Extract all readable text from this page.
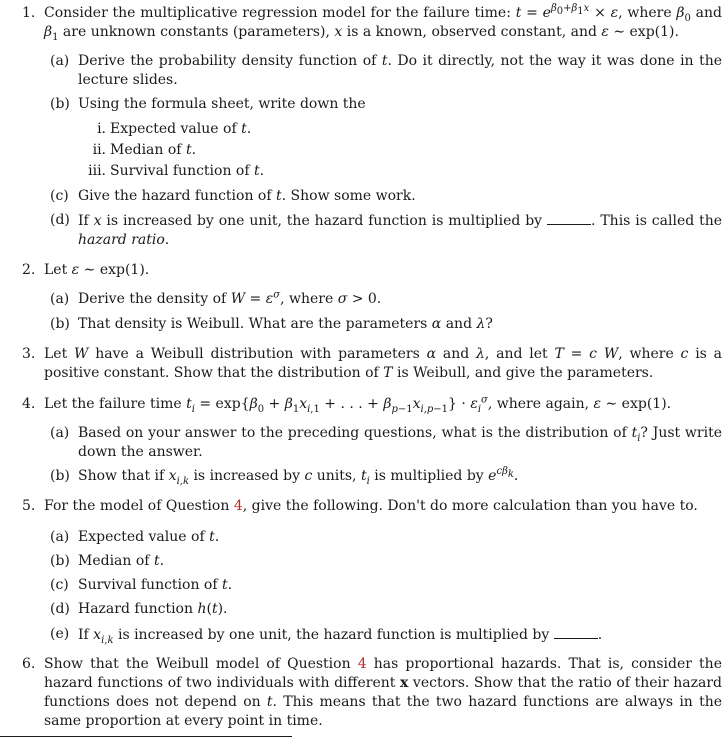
1. Consider the multiplicative regression model for the failure time: $t = e^{\beta_0+\beta_1x} \times \varepsilon$, where $\beta_0$ and $\beta_1$ are unknown constants (parameters), x is a known, observed constant, and ε ∼ exp(1).
(a) Derive the probability density function of t. Do it directly, not the way it was done in the lecture slides.
(b) Using the formula sheet, write down the
i. Expected value of t.
ii. Median of t.
iii. Survival function of t.
(c) Give the hazard function of t. Show some work.
(d) If x is increased by one unit, the hazard function is multiplied by	. This is called the hazard ratio.
2. Let ε ∼ exp(1).
(a) Derive the density of $W = \varepsilon^\sigma$, where σ > 0.
(b) That density is Weibull. What are the parameters α and λ?
3. Let W have a Weibull distribution with parameters α and λ, and let T = c W, where c is a positive constant. Show that the distribution of T is Weibull, and give the parameters.
4. Let the failure time $t_i = \exp\{\beta_0 + \beta_1x_{i,1}$ + . . . + $\beta_{p-1}x_{i,p-1}\} \cdot \varepsilon_i^\sigma$, where again, ε ∼ exp(1).
(a) Based on your answer to the preceding questions, what is the distribution of $t_i$? Just write down the answer.
(b) Show that if $x_{i,k}$ is increased by c units, $t_i$ is multiplied by $e^{c\beta_k}$.
5. For the model of Question 4, give the following. Don't do more calculation than you have to.
(a) Expected value of t.
(b) Median of t.
(c) Survival function of t.
(d) Hazard function h(t).
(e) If $x_{i,k}$ is increased by one unit, the hazard function is multiplied by	.
6. Show that the Weibull model of Question 4 has proportional hazards. That is, consider the hazard functions of two individuals with different x vectors. Show that the ratio of their hazard functions does not depend on t. This means that the two hazard functions are always in the same proportion at every point in time.
